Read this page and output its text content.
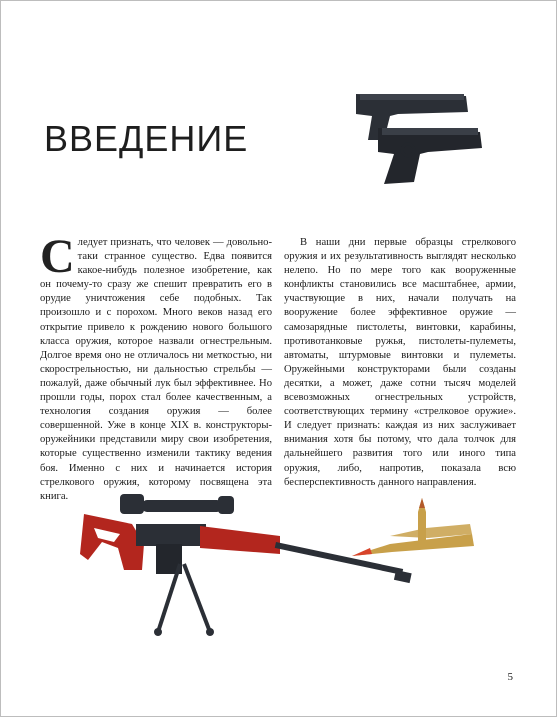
ВВЕДЕНИЕ

Следует признать, что человек — довольно-таки странное существо. Едва появится какое-нибудь полезное изобретение, как он почему-то сразу же спешит превратить его в орудие уничтожения себе подобных. Так произошло и с порохом. Много веков назад его открытие привело к рождению нового большого класса оружия, которое назвали огнестрельным. Долгое время оно не отличалось ни меткостью, ни скорострельностью, ни дальностью стрельбы — пожалуй, даже обычный лук был эффективнее. Но прошли годы, порох стал более качественным, а технология создания оружия — более совершенной. Уже в конце XIX в. конструкторы-оружейники представили миру свои изобретения, которые существенно изменили тактику ведения боя. Именно с них и начинается история стрелкового оружия, которому посвящена эта книга.

В наши дни первые образцы стрелкового оружия и их результативность выглядят несколько нелепо. Но по мере того как вооруженные конфликты становились все масштабнее, армии, участвующие в них, начали получать на вооружение более эффективное оружие — самозарядные пистолеты, винтовки, карабины, противотанковые ружья, пистолеты-пулеметы, автоматы, штурмовые винтовки и пулеметы. Оружейными конструкторами были созданы десятки, а может, даже сотни тысяч моделей всевозможных огнестрельных устройств, соответствующих термину «стрелковое оружие». И следует признать: каждая из них заслуживает внимания хотя бы потому, что дала толчок для дальнейшего развития того или иного типа оружия, либо, напротив, показала всю бесперспективность данного направления.

5
